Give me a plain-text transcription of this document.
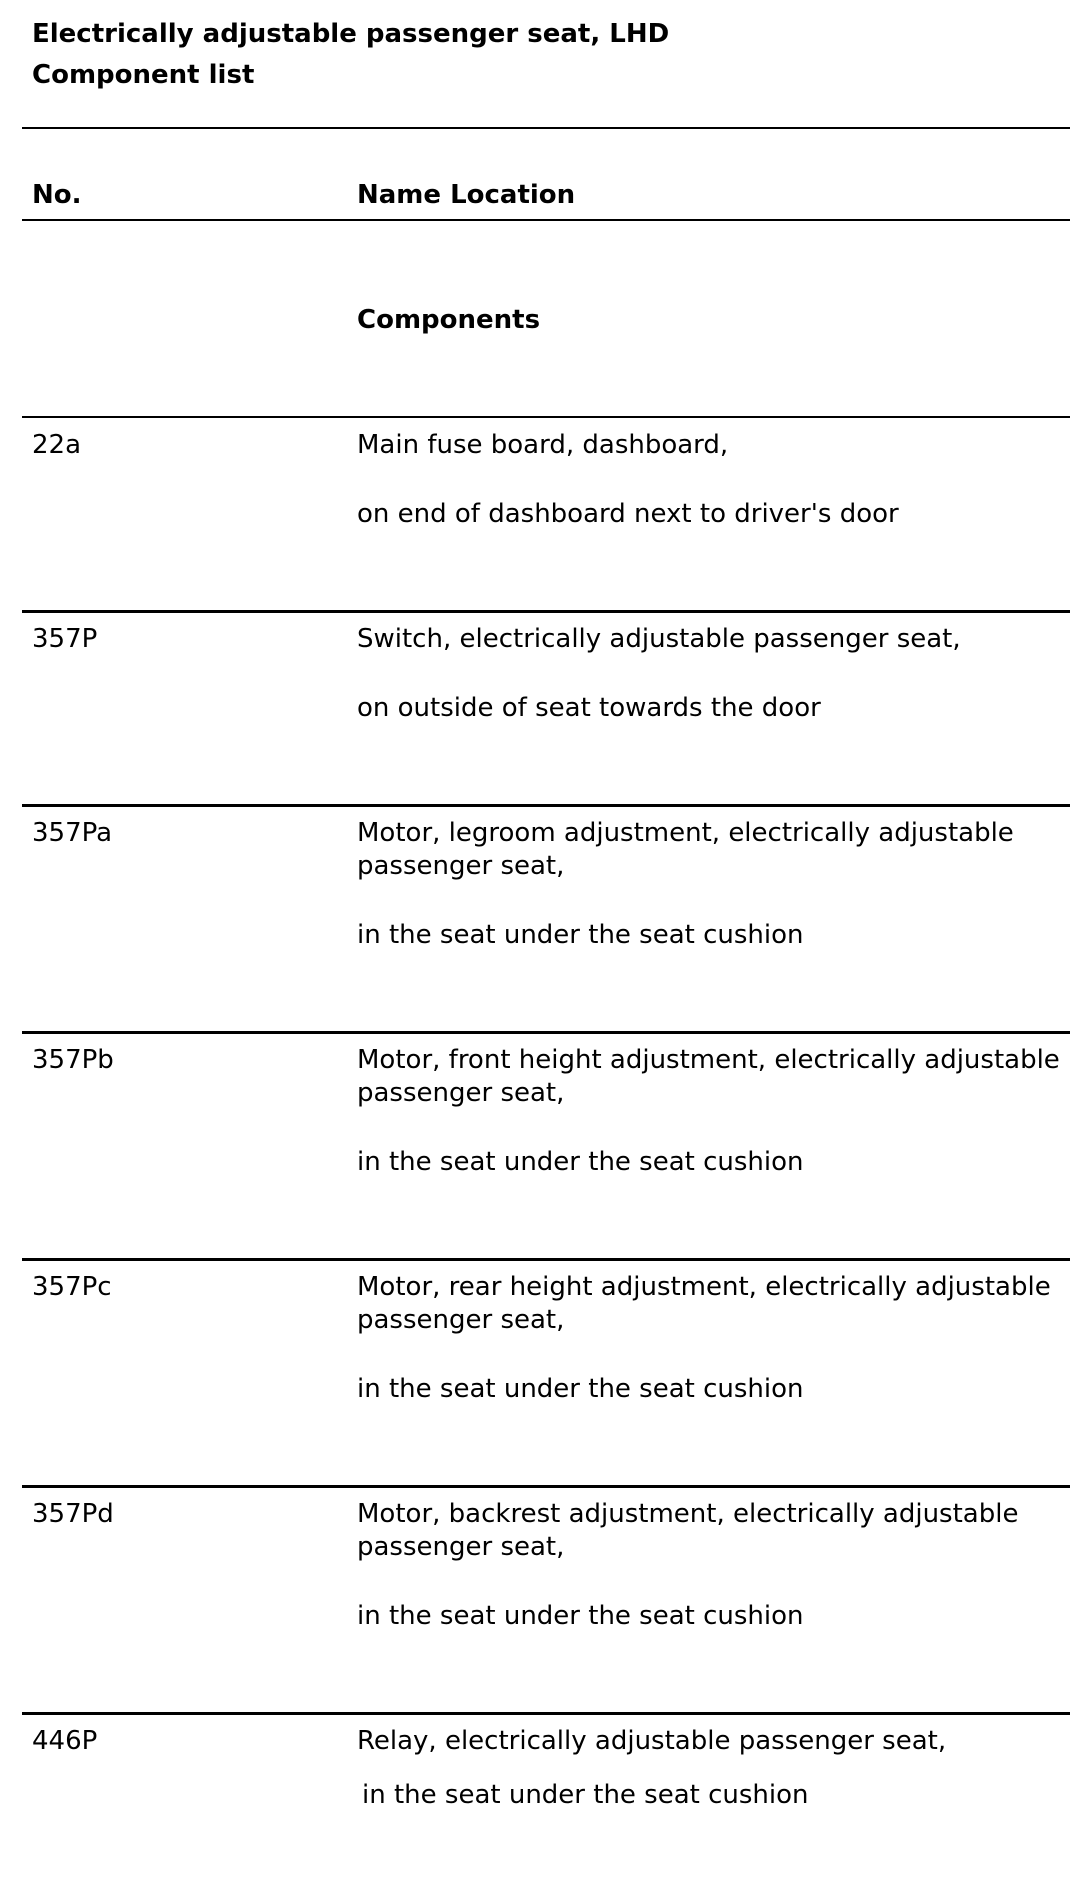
Electrically adjustable passenger seat, LHD
Component list
No.	Name Location
Components
22a	Main fuse board, dashboard,
on end of dashboard next to driver's door
357P	Switch, electrically adjustable passenger seat,
on outside of seat towards the door
357Pa	Motor, legroom adjustment, electrically adjustable passenger seat,
in the seat under the seat cushion
357Pb	Motor, front height adjustment, electrically adjustable passenger seat,
in the seat under the seat cushion
357Pc	Motor, rear height adjustment, electrically adjustable passenger seat,
in the seat under the seat cushion
357Pd	Motor, backrest adjustment, electrically adjustable passenger seat,
in the seat under the seat cushion
446P	Relay, electrically adjustable passenger seat,
in the seat under the seat cushion
